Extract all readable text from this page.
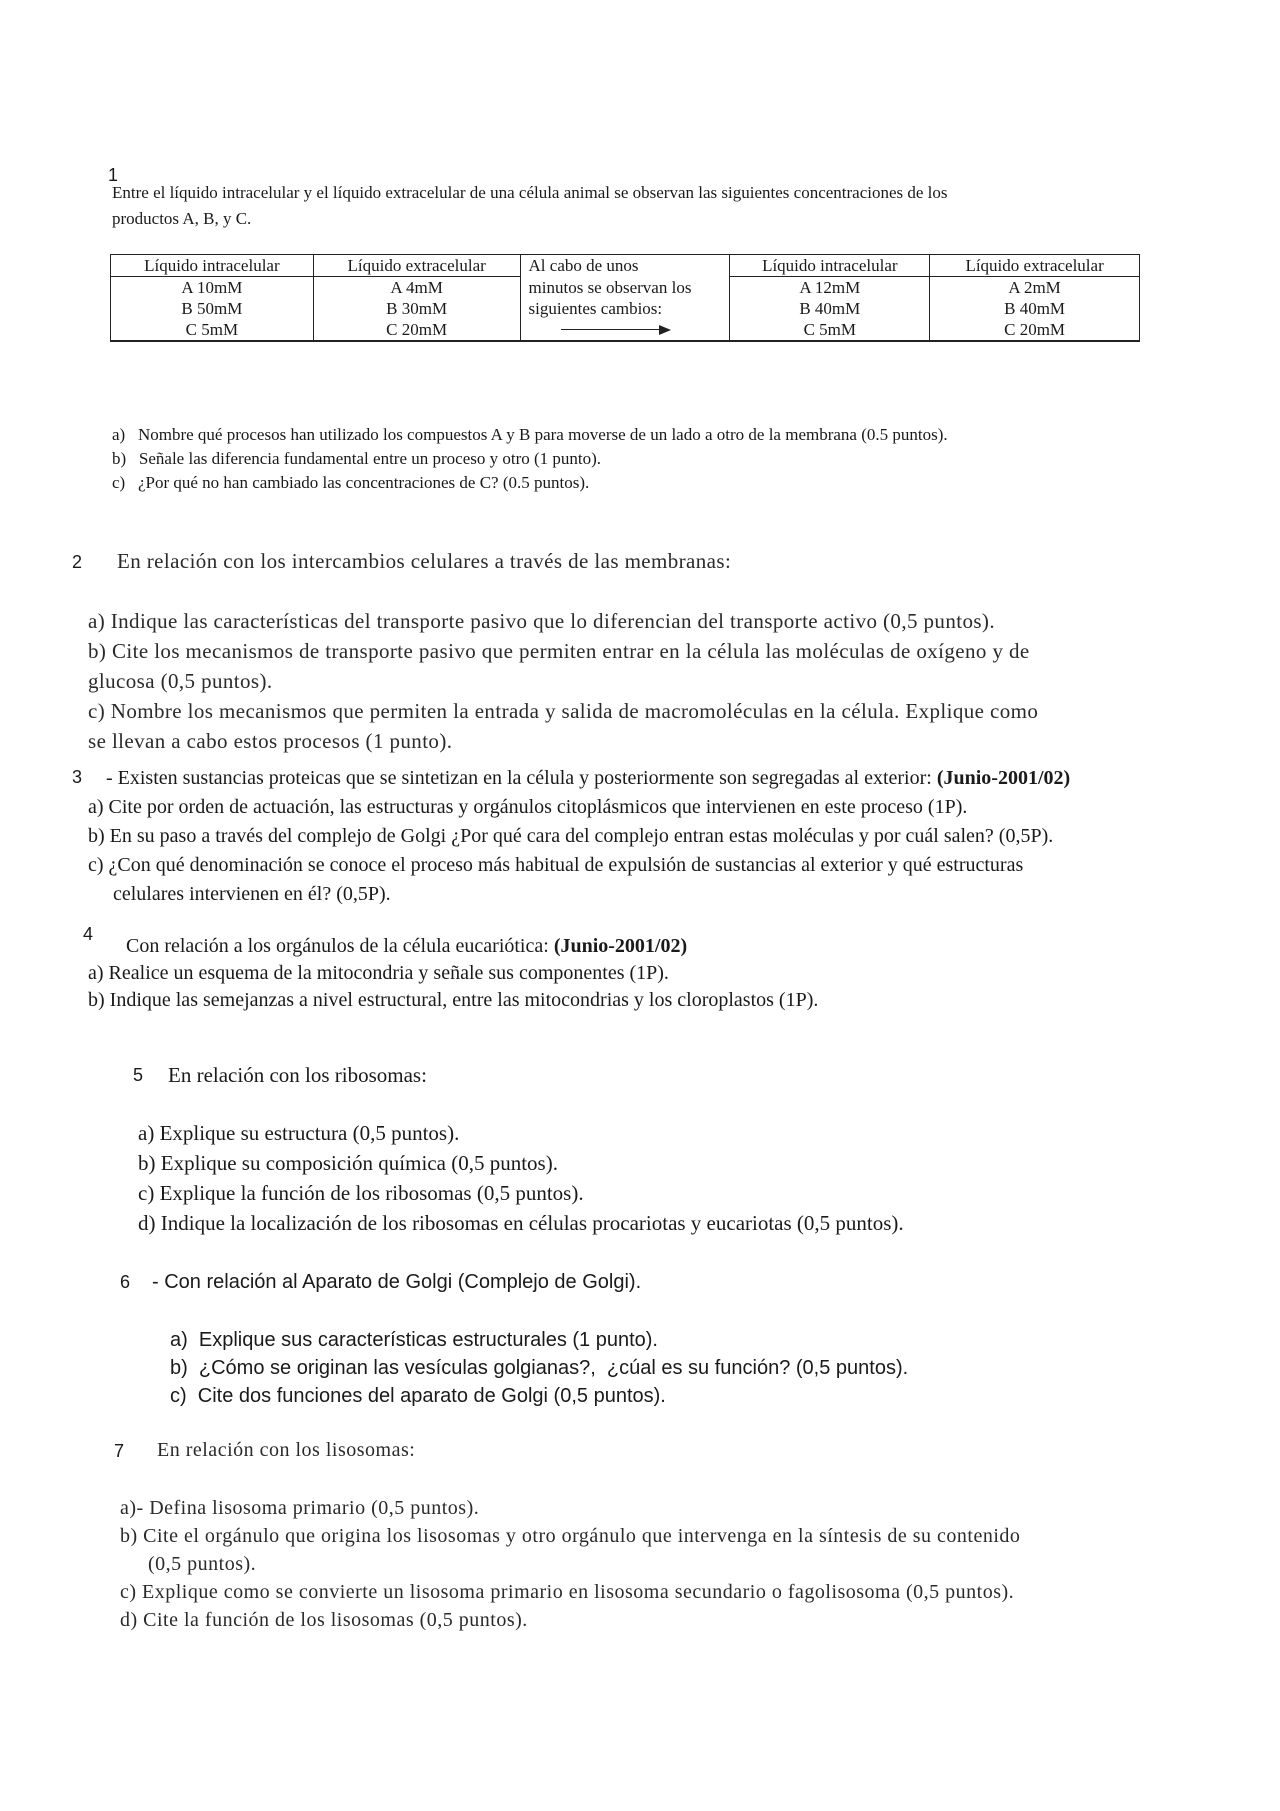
1
Entre el líquido intracelular y el líquido extracelular de una célula animal se observan las siguientes concentraciones de los
productos A, B, y C.
Líquido intracelular	Líquido extracelular	Al cabo de unos	Líquido intracelular	Líquido extracelular
A 10mM	A 4mM	minutos se observan los	A 12mM	A 2mM
B 50mM	B 30mM	siguientes cambios:	B 40mM	B 40mM
C 5mM	C 20mM		C 5mM	C 20mM
a)   Nombre qué procesos han utilizado los compuestos A y B para moverse de un lado a otro de la membrana (0.5 puntos).
b)   Señale las diferencia fundamental entre un proceso y otro (1 punto).
c)   ¿Por qué no han cambiado las concentraciones de C? (0.5 puntos).
2 En relación con los intercambios celulares a través de las membranas:
a) Indique las características del transporte pasivo que lo diferencian del transporte activo (0,5 puntos).
b) Cite los mecanismos de transporte pasivo que permiten entrar en la célula las moléculas de oxígeno y de
glucosa (0,5 puntos).
c) Nombre los mecanismos que permiten la entrada y salida de macromoléculas en la célula. Explique como
se llevan a cabo estos procesos (1 punto).
3 - Existen sustancias proteicas que se sintetizan en la célula y posteriormente son segregadas al exterior: (Junio-2001/02)
a) Cite por orden de actuación, las estructuras y orgánulos citoplásmicos que intervienen en este proceso (1P).
b) En su paso a través del complejo de Golgi ¿Por qué cara del complejo entran estas moléculas y por cuál salen? (0,5P).
c) ¿Con qué denominación se conoce el proceso más habitual de expulsión de sustancias al exterior y qué estructuras
celulares intervienen en él? (0,5P).
4
Con relación a los orgánulos de la célula eucariótica: (Junio-2001/02)
a) Realice un esquema de la mitocondria y señale sus componentes (1P).
b) Indique las semejanzas a nivel estructural, entre las mitocondrias y los cloroplastos (1P).
5 En relación con los ribosomas:
a) Explique su estructura (0,5 puntos).
b) Explique su composición química (0,5 puntos).
c) Explique la función de los ribosomas (0,5 puntos).
d) Indique la localización de los ribosomas en células procariotas y eucariotas (0,5 puntos).
6 - Con relación al Aparato de Golgi (Complejo de Golgi).
a)  Explique sus características estructurales (1 punto).
b)  ¿Cómo se originan las vesículas golgianas?,  ¿cúal es su función? (0,5 puntos).
c)  Cite dos funciones del aparato de Golgi (0,5 puntos).
7 En relación con los lisosomas:
a)- Defina lisosoma primario (0,5 puntos).
b) Cite el orgánulo que origina los lisosomas y otro orgánulo que intervenga en la síntesis de su contenido
(0,5 puntos).
c) Explique como se convierte un lisosoma primario en lisosoma secundario o fagolisosoma (0,5 puntos).
d) Cite la función de los lisosomas (0,5 puntos).
